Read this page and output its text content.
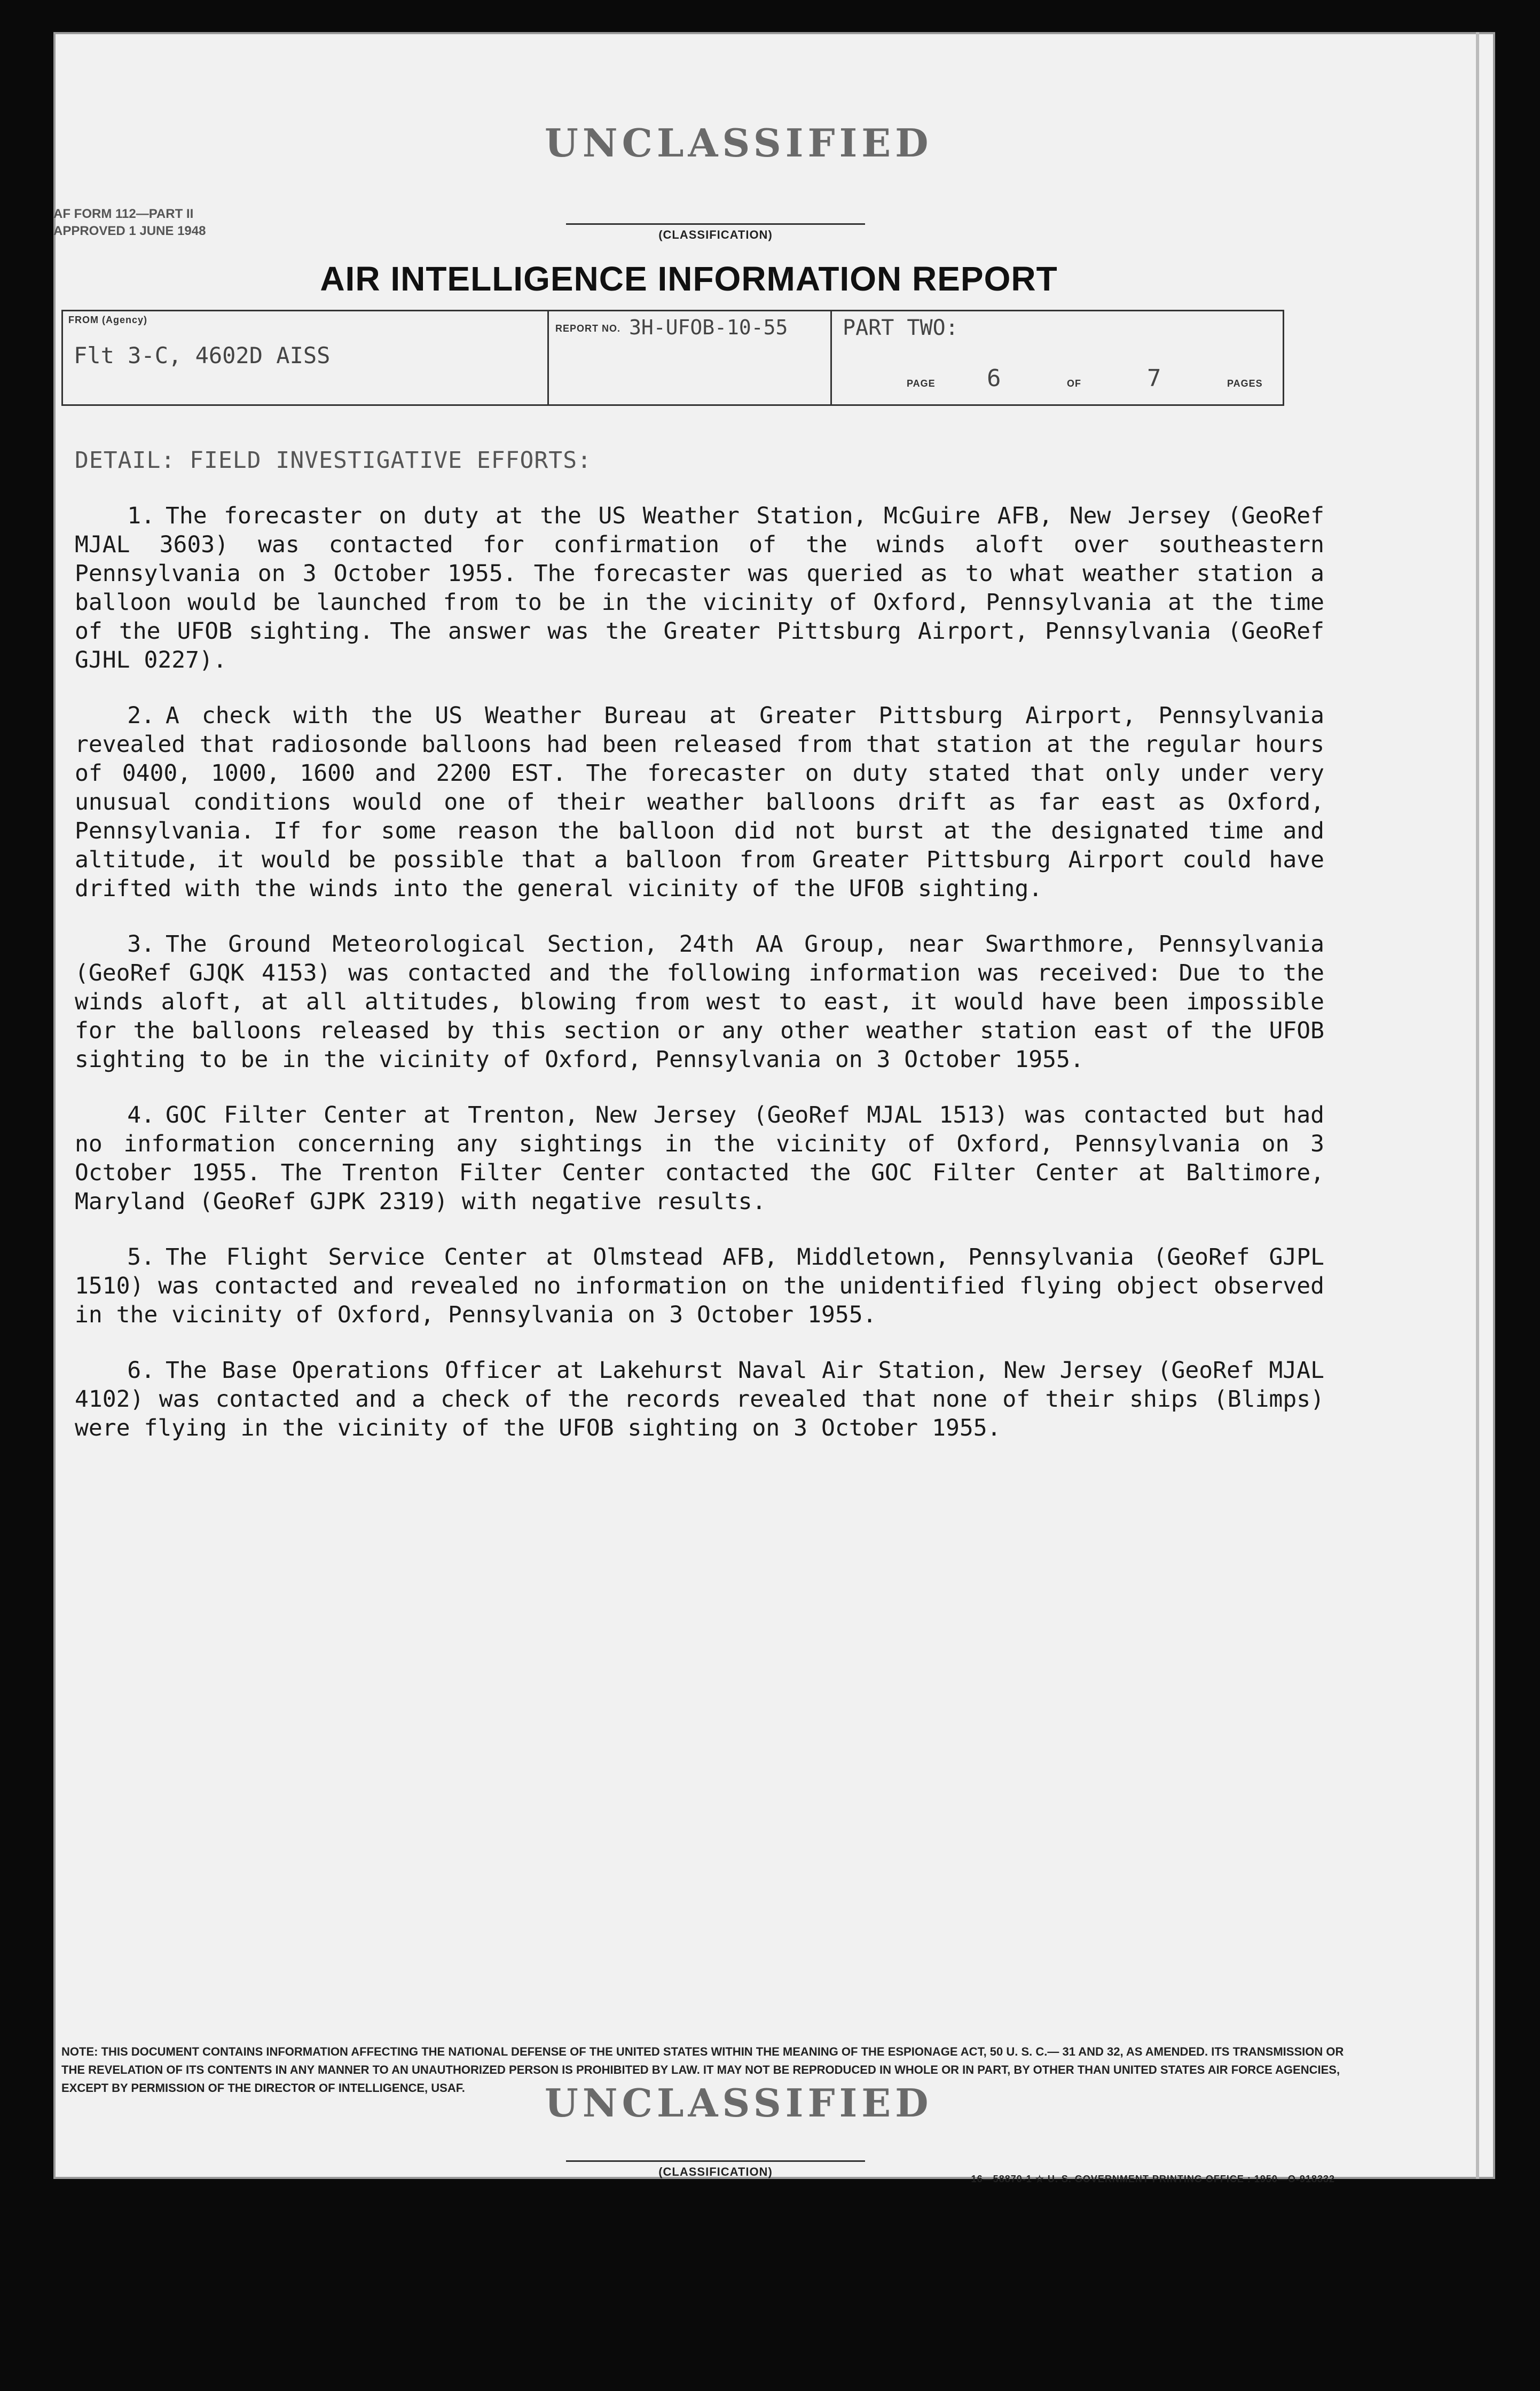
UNCLASSIFIED
(CLASSIFICATION)
AF FORM 112—PART II
APPROVED 1 JUNE 1948
AIR INTELLIGENCE INFORMATION REPORT
FROM (Agency)
Flt 3-C, 4602D AISS
REPORT NO. 3H-UFOB-10-55	PART TWO:
PAGE 6	OF	7	PAGES
DETAIL: FIELD INVESTIGATIVE EFFORTS:
1. The forecaster on duty at the US Weather Station, McGuire AFB, New Jersey (GeoRef MJAL 3603) was contacted for confirmation of the winds aloft over southeastern Pennsylvania on 3 October 1955. The forecaster was queried as to what weather station a balloon would be launched from to be in the vicinity of Oxford, Pennsylvania at the time of the UFOB sighting. The answer was the Greater Pittsburg Airport, Pennsylvania (GeoRef GJHL 0227).
2. A check with the US Weather Bureau at Greater Pittsburg Airport, Pennsylvania revealed that radiosonde balloons had been released from that station at the regular hours of 0400, 1000, 1600 and 2200 EST. The forecaster on duty stated that only under very unusual conditions would one of their weather balloons drift as far east as Oxford, Pennsylvania. If for some reason the balloon did not burst at the designated time and altitude, it would be possible that a balloon from Greater Pittsburg Airport could have drifted with the winds into the general vicinity of the UFOB sighting.
3. The Ground Meteorological Section, 24th AA Group, near Swarthmore, Pennsylvania (GeoRef GJQK 4153) was contacted and the following information was received: Due to the winds aloft, at all altitudes, blowing from west to east, it would have been impossible for the balloons released by this section or any other weather station east of the UFOB sighting to be in the vicinity of Oxford, Pennsylvania on 3 October 1955.
4. GOC Filter Center at Trenton, New Jersey (GeoRef MJAL 1513) was contacted but had no information concerning any sightings in the vicinity of Oxford, Pennsylvania on 3 October 1955. The Trenton Filter Center contacted the GOC Filter Center at Baltimore, Maryland (GeoRef GJPK 2319) with negative results.
5. The Flight Service Center at Olmstead AFB, Middletown, Pennsylvania (GeoRef GJPL 1510) was contacted and revealed no information on the unidentified flying object observed in the vicinity of Oxford, Pennsylvania on 3 October 1955.
6. The Base Operations Officer at Lakehurst Naval Air Station, New Jersey (GeoRef MJAL 4102) was contacted and a check of the records revealed that none of their ships (Blimps) were flying in the vicinity of the UFOB sighting on 3 October 1955.
NOTE: THIS DOCUMENT CONTAINS INFORMATION AFFECTING THE NATIONAL DEFENSE OF THE UNITED STATES WITHIN THE MEANING OF THE ESPIONAGE ACT, 50 U. S. C.— 31 AND 32, AS AMENDED. ITS TRANSMISSION OR THE REVELATION OF ITS CONTENTS IN ANY MANNER TO AN UNAUTHORIZED PERSON IS PROHIBITED BY LAW. IT MAY NOT BE REPRODUCED IN WHOLE OR IN PART, BY OTHER THAN UNITED STATES AIR FORCE AGENCIES, EXCEPT BY PERMISSION OF THE DIRECTOR OF INTELLIGENCE, USAF.	UNCLASSIFIED
(CLASSIFICATION)
16—58870-1 ☆ U. S. GOVERNMENT PRINTING OFFICE : 1950—O-918332
